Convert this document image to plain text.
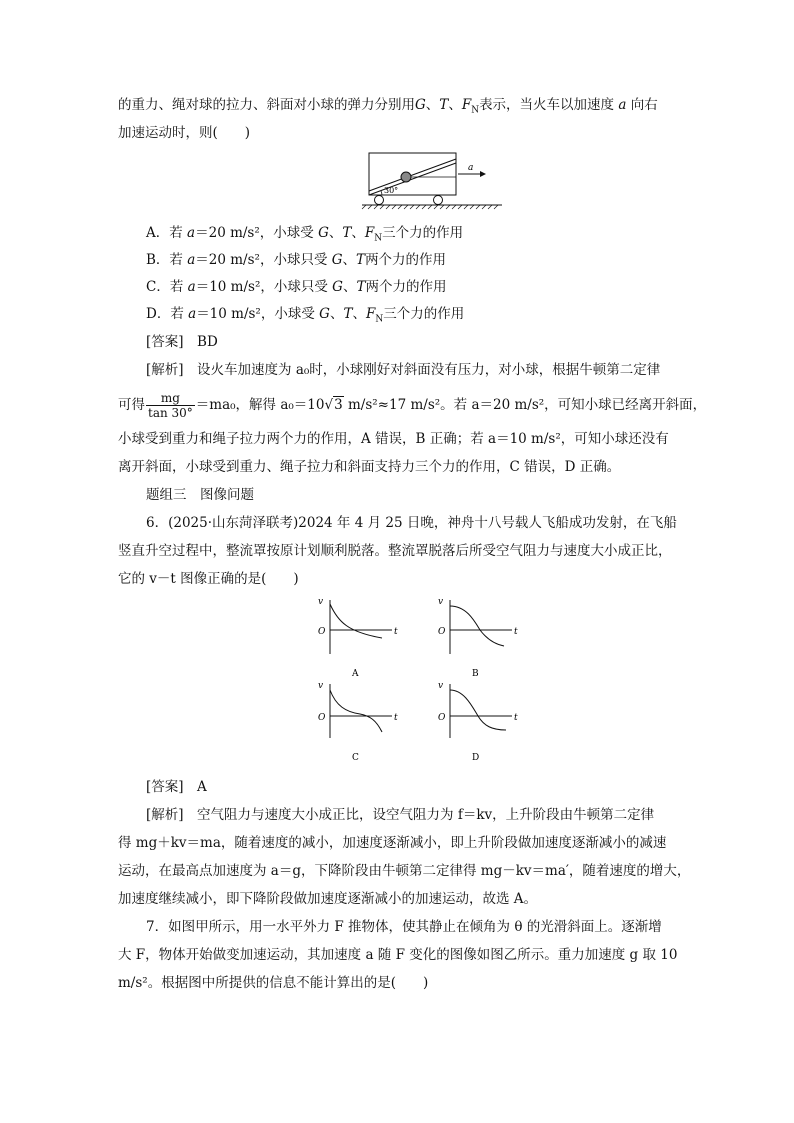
的重力、绳对球的拉力、斜面对小球的弹力分别用G、T、$F_N$表示，当火车以加速度 a 向右
加速运动时，则(　　)
30°
a
A．若 a＝20 m/s²，小球受 G、T、$F_N$三个力的作用
B．若 a＝20 m/s²，小球只受 G、T两个力的作用
C．若 a＝10 m/s²，小球只受 G、T两个力的作用
D．若 a＝10 m/s²，小球受 G、T、$F_N$三个力的作用
[答案]　 BD
[解析]　 设火车加速度为 a₀时，小球刚好对斜面没有压力，对小球，根据牛顿第二定律
可得 $\frac{mg}{\tan 30^\circ} =ma_0$，解得 a₀＝10√3 m/s²≈17 m/s²。若 a＝20 m/s²，可知小球已经离开斜面，
小球受到重力和绳子拉力两个力的作用，A 错误，B 正确；若 a＝10 m/s²，可知小球还没有
离开斜面，小球受到重力、绳子拉力和斜面支持力三个力的作用，C 错误，D 正确。
题组三　图像问题
6．(2025·山东菏泽联考)2024 年 4 月 25 日晚，神舟十八号载人飞船成功发射，在飞船
竖直升空过程中，整流罩按原计划顺利脱落。整流罩脱落后所受空气阻力与速度大小成正比，
它的 v－t 图像正确的是(　　)
v
t
O
A
v
t
O
B
v
t
O
C
v
t
O
D
[答案]　 A
[解析]　 空气阻力与速度大小成正比，设空气阻力为 f＝kv，上升阶段由牛顿第二定律
得 mg＋kv＝ma，随着速度的减小，加速度逐渐减小，即上升阶段做加速度逐渐减小的减速
运动，在最高点加速度为 a＝g，下降阶段由牛顿第二定律得 mg－kv＝ma′，随着速度的增大，
加速度继续减小，即下降阶段做加速度逐渐减小的加速运动，故选 A。
7．如图甲所示，用一水平外力 F 推物体，使其静止在倾角为 θ 的光滑斜面上。逐渐增
大 F，物体开始做变加速运动，其加速度 a 随 F 变化的图像如图乙所示。重力加速度 g 取 10
m/s²。根据图中所提供的信息不能计算出的是(　　)
